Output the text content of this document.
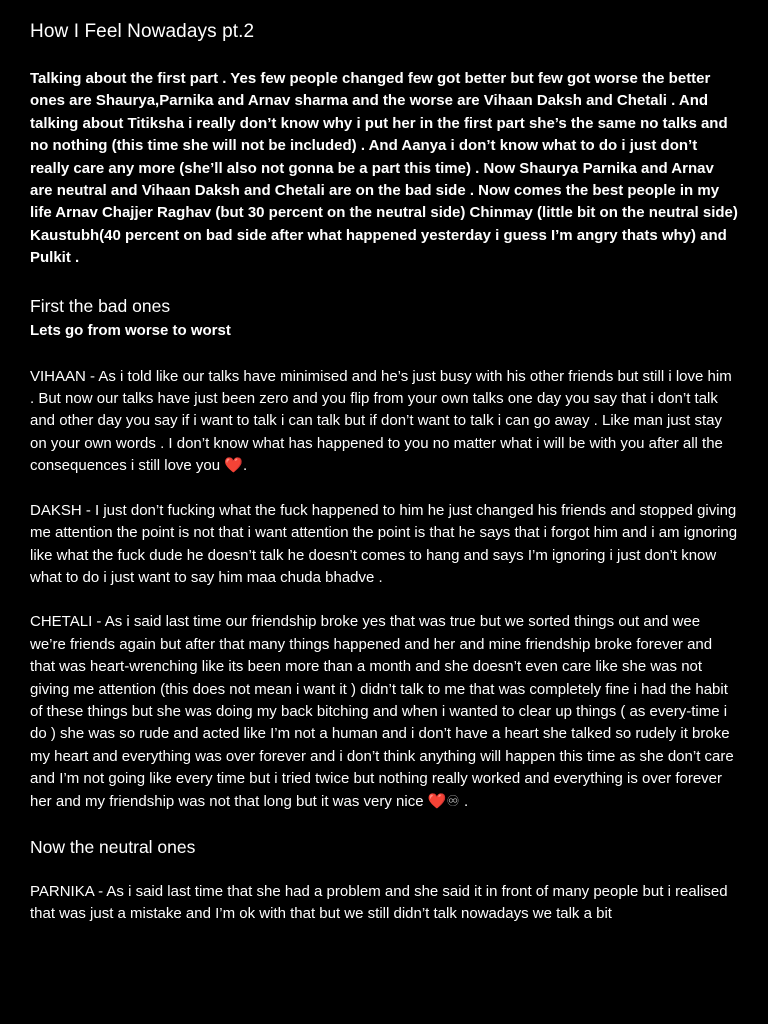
How I Feel Nowadays pt.2
Talking about the first part . Yes few people changed few got better but few got worse the better ones are Shaurya,Parnika and Arnav sharma and the worse are Vihaan Daksh and Chetali . And talking about Titiksha i really don’t know why i put her in the first part she’s the same no talks and no nothing (this time she will not be included) . And Aanya i don’t know what to do i just don’t really care any more (she’ll also not gonna be a part this time) . Now Shaurya Parnika and Arnav are neutral and Vihaan Daksh and Chetali are on the bad side . Now comes the best people in my life Arnav Chajjer Raghav (but 30 percent on the neutral side) Chinmay (little bit on the neutral side) Kaustubh(40 percent on bad side after what happened yesterday i guess I’m angry thats why) and Pulkit .
First the bad ones
Lets go from worse to worst
VIHAAN - As i told like our talks have minimised and he’s just busy with his other friends but still i love him . But now our talks have just been zero and you flip from your own talks one day you say that i don’t talk and other day you say if i want to talk i can talk but if don’t want to talk i can go away . Like man just stay on your own words . I don’t know what has happened to you no matter what i will be with you after all the consequences i still love you ❤️.
DAKSH - I just don’t fucking what the fuck happened to him he just changed his friends and stopped giving me attention the point is not that i want attention the point is that he says that i forgot him and i am ignoring like what the fuck dude he doesn’t talk he doesn’t comes to hang and says I’m ignoring i just don’t know what to do i just want to say him maa chuda bhadve .
CHETALI - As i said last time our friendship broke yes that was true but we sorted things out and wee we’re friends again but after that many things happened and her and mine friendship broke forever and that was heart-wrenching like its been more than a month and she doesn’t even care like she was not giving me attention (this does not mean i want it ) didn’t talk to me that was completely fine i had the habit of these things but she was doing my back bitching and when i wanted to clear up things ( as every-time i do ) she was so rude and acted like I’m not a human and i don’t have a heart she talked so rudely it broke my heart and everything was over forever and i don’t think anything will happen this time as she don’t care and I’m not going like every time but i tried twice but nothing really worked and everything is over forever her and my friendship was not that long but it was very nice ❤️♾ .
Now the neutral ones
PARNIKA - As i said last time that she had a problem and she said it in front of many people but i realised that was just a mistake and I’m ok with that but we still didn’t talk nowadays we talk a bit
